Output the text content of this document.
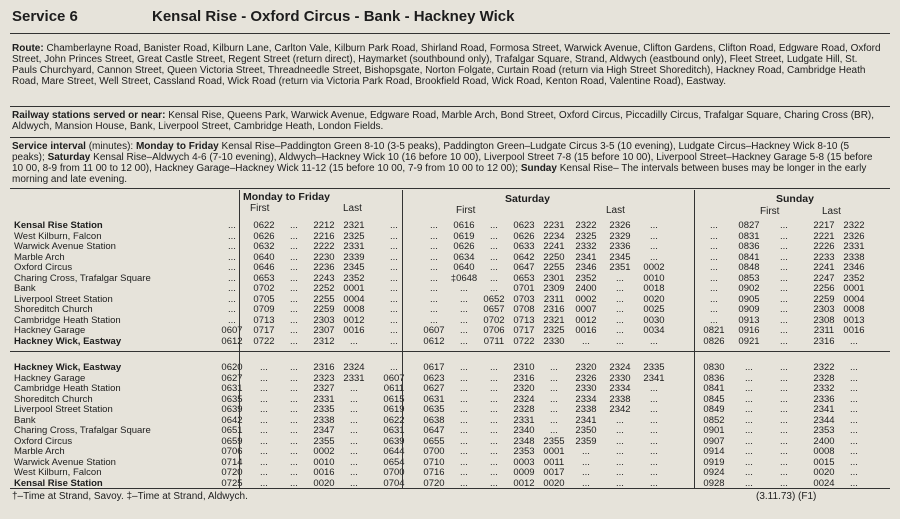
Service 6	Kensal Rise - Oxford Circus - Bank - Hackney Wick
Route: Chamberlayne Road, Banister Road, Kilburn Lane, Carlton Vale, Kilburn Park Road, Shirland Road, Formosa Street, Warwick Avenue, Clifton Gardens, Clifton Road, Edgware Road, Oxford Street, John Princes Street, Great Castle Street, Regent Street (return direct), Haymarket (southbound only), Trafalgar Square, Strand, Aldwych (eastbound only), Fleet Street, Ludgate Hill, St. Pauls Churchyard, Cannon Street, Queen Victoria Street, Threadneedle Street, Bishopsgate, Norton Folgate, Curtain Road (return via High Street Shoreditch), Hackney Road, Cambridge Heath Road, Mare Street, Well Street, Cassland Road, Wick Road (return via Victoria Park Road, Brookfield Road, Wick Road, Kenton Road, Valentine Road), Eastway.
Railway stations served or near: Kensal Rise, Queens Park, Warwick Avenue, Edgware Road, Marble Arch, Bond Street, Oxford Circus, Piccadilly Circus, Trafalgar Square, Charing Cross (BR), Aldwych, Mansion House, Bank, Liverpool Street, Cambridge Heath, London Fields.
Service interval (minutes): Monday to Friday Kensal Rise–Paddington Green 8-10 (3-5 peaks), Paddington Green–Ludgate Circus 3-5 (10 evening), Ludgate Circus–Hackney Wick 8-10 (5 peaks); Saturday Kensal Rise–Aldwych 4-6 (7-10 evening), Aldwych–Hackney Wick 10 (16 before 10 00), Liverpool Street 7-8 (15 before 10 00), Liverpool Street–Hackney Garage 5-8 (15 before 10 00, 8-9 from 11 00 to 12 00), Hackney Garage–Hackney Wick 11-12 (15 before 10 00, 7-9 from 10 00 to 12 00); Sunday Kensal Rise– The intervals between buses may be longer in the early morning and late evening.
Monday to Friday	Saturday	Sunday
First	Last	First	Last	First	Last
Kensal Rise Station	...	0622	...	2212 2321	...	...	0616	...	0623 2231	2322	2326	...	...	0827	...	2217 2322
West Kilburn, Falcon	...	0626	...	2216 2325	...	...	0619	...	0626 2234	2325	2329	...	...	0831	...	2221 2326
Warwick Avenue Station	...	0632	...	2222 2331	...	...	0626	...	0633 2241	2332	2336	...	...	0836	...	2226 2331
Marble Arch	...	0640	...	2230 2339	...	...	0634	...	0642 2250	2341	2345	...	...	0841	...	2233 2338
Oxford Circus	...	0646	...	2236 2345	...	...	0640	...	0647 2255	2346	2351	0002	...	0848	...	2241 2346
Charing Cross, Trafalgar Square	...	0653	...	2243 2352	...	...	‡0648	...	0653 2301	2352	...	0010	...	0853	...	2247 2352
Bank	...	0702	...	2252 0001	...	...	...	...	0701 2309	2400	...	0018	...	0902	...	2256 0001
Liverpool Street Station	...	0705	...	2255 0004	...	...	...	0652 0703 2311	0002	...	0020	...	0905	...	2259 0004
Shoreditch Church	...	0709	...	2259 0008	...	...	...	0657 0708 2316	0007	...	0025	...	0909	...	2303 0008
Cambridge Heath Station	...	0713	...	2303 0012	...	...	...	0702 0713 2321	0012	...	0030	...	0913	...	2308 0013
Hackney Garage	0607	0717	...	2307 0016	...	0607	...	0706 0717 2325	0016	...	0034	0821	0916	...	2311 0016
Hackney Wick, Eastway	0612	0722	...	2312	...	...	0612	...	0711 0722 2330	...	...	...	0826	0921	...	2316	...
Hackney Wick, Eastway	0620	...	...	2316 2324	...	0617	...	...	2310	...	2320	2324	2335	0830	...	...	2322	...
Hackney Garage	0627	...	...	2323 2331	0607	0623	...	...	2316	...	2326	2330	2341	0836	...	...	2328	...
Cambridge Heath Station	0631	...	...	2327	...	0611	0627	...	...	2320	...	2330	2334	...	0841	...	...	2332	...
Shoreditch Church	0635	...	...	2331	...	0615	0631	...	...	2324	...	2334	2338	...	0845	...	...	2336	...
Liverpool Street Station	0639	...	...	2335	...	0619	0635	...	...	2328	...	2338	2342	...	0849	...	...	2341	...
Bank	0642	...	...	2338	...	0622	0638	...	...	2331	...	2341	...	...	0852	...	...	2344	...
Charing Cross, Trafalgar Square	0651	...	...	2347	...	0631	0647	...	...	2340	...	2350	...	...	0901	...	...	2353	...
Oxford Circus	0659	...	...	2355	...	0639	0655	...	...	2348 2355	2359	...	...	0907	...	...	2400	...
Marble Arch	0706	...	...	0002	...	0644	0700	...	...	2353 0001	...	...	...	0914	...	...	0008	...
Warwick Avenue Station	0714	...	...	0010	...	0654	0710	...	...	0003 0011	...	...	...	0919	...	...	0015	...
West Kilburn, Falcon	0720	...	...	0016	...	0700	0716	...	...	0009 0017	...	...	...	0924	...	...	0020	...
Kensal Rise Station	0725	...	...	0020	...	0704	0720	...	...	0012 0020	...	...	...	0928	...	...	0024	...
†–Time at Strand, Savoy. ‡–Time at Strand, Aldwych.	(3.11.73) (F1)
